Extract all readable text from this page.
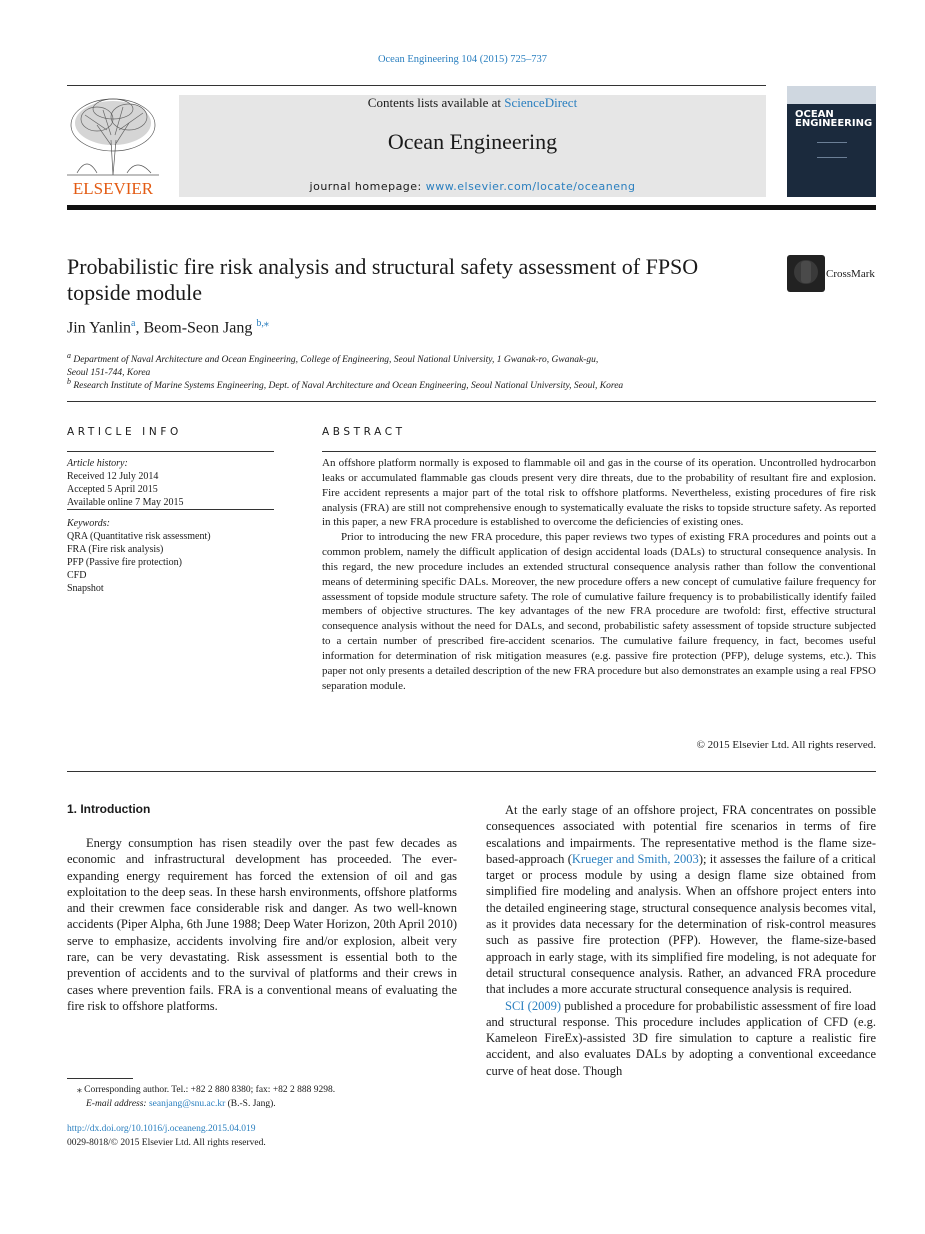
Ocean Engineering 104 (2015) 725–737
ELSEVIER
Contents lists available at ScienceDirect
Ocean Engineering
journal homepage: www.elsevier.com/locate/oceaneng
OCEAN ENGINEERING
Probabilistic fire risk analysis and structural safety assessment of FPSO topside module
CrossMark
Jin Yanlin$^a$, Beom-Seon Jang $^{b,⁎}$
$^a$ Department of Naval Architecture and Ocean Engineering, College of Engineering, Seoul National University, 1 Gwanak-ro, Gwanak-gu,
Seoul 151-744, Korea
$^b$ Research Institute of Marine Systems Engineering, Dept. of Naval Architecture and Ocean Engineering, Seoul National University, Seoul, Korea
ARTICLE INFO
Article history:
Received 12 July 2014
Accepted 5 April 2015
Available online 7 May 2015
Keywords:
QRA (Quantitative risk assessment)
FRA (Fire risk analysis)
PFP (Passive fire protection)
CFD
Snapshot
ABSTRACT

An offshore platform normally is exposed to flammable oil and gas in the course of its operation. Uncontrolled hydrocarbon leaks or accumulated flammable gas clouds present very dire threats, due to the probability of resultant fire and explosion. Fire accident represents a major part of the total risk to offshore platforms. Nevertheless, existing procedures of fire risk analysis (FRA) are still not comprehensive enough to systematically evaluate the risks to topside structure safety. As reported in this paper, a new FRA procedure is established to overcome the deficiencies of existing ones.

Prior to introducing the new FRA procedure, this paper reviews two types of existing FRA procedures and points out a common problem, namely the difficult application of design accidental loads (DALs) to structural consequence analysis. In this regard, the new procedure includes an extended structural consequence analysis rather than follow the conventional means of determining specific DALs. Moreover, the new procedure offers a new concept of cumulative failure frequency for assessment of topside module structure safety. The role of cumulative failure frequency is to probabilistically identify failed members of objective structures. The key advantages of the new FRA procedure are twofold: first, effective structural consequence analysis without the need for DALs, and second, probabilistic safety assessment of topside structure subjected to a certain number of prescribed fire-accident scenarios. The cumulative failure frequency, in fact, becomes useful information for determination of risk mitigation measures (e.g. passive fire protection (PFP), deluge systems, etc.). This paper not only presents a detailed description of the new FRA procedure but also demonstrates an example using a real FPSO separation module.

© 2015 Elsevier Ltd. All rights reserved.
1. Introduction

Energy consumption has risen steadily over the past few decades as economic and infrastructural development has proceeded. The ever-expanding energy requirement has forced the extension of oil and gas exploitation to the deep seas. In these harsh environments, offshore platforms and their crewmen face considerable risk and danger. As two well-known accidents (Piper Alpha, 6th June 1988; Deep Water Horizon, 20th April 2010) serve to emphasize, accidents involving fire and/or explosion, albeit very rare, can be very devastating. Risk assessment is essential both to the prevention of accidents and to the survival of platforms and their crews in cases where prevention fails. FRA is a conventional means of evaluating the fire risk to offshore platforms.

At the early stage of an offshore project, FRA concentrates on possible consequences associated with potential fire scenarios in terms of fire escalations and impairments. The representative method is the flame size-based-approach (Krueger and Smith, 2003); it assesses the failure of a critical target or process module by using a design flame size obtained from simplified fire modeling and analysis. When an offshore project enters into the detailed engineering stage, structural consequence analysis becomes vital, as it provides data necessary for the determination of risk-control measures such as passive fire protection (PFP). However, the flame-size-based approach in early stage, with its simplified fire modeling, is not adequate for detail structural consequence analysis. Rather, an advanced FRA procedure that includes a more accurate structural consequence analysis is required.

SCI (2009) published a procedure for probabilistic assessment of fire load and structural response. This procedure includes application of CFD (e.g. Kameleon FireEx)-assisted 3D fire simulation to capture a realistic fire accident, and also evaluates DALs by adopting a conventional exceedance curve of heat dose. Though

⁎ Corresponding author. Tel.: +82 2 880 8380; fax: +82 2 888 9298.
E-mail address: seanjang@snu.ac.kr (B.-S. Jang).
http://dx.doi.org/10.1016/j.oceaneng.2015.04.019
0029-8018/© 2015 Elsevier Ltd. All rights reserved.
